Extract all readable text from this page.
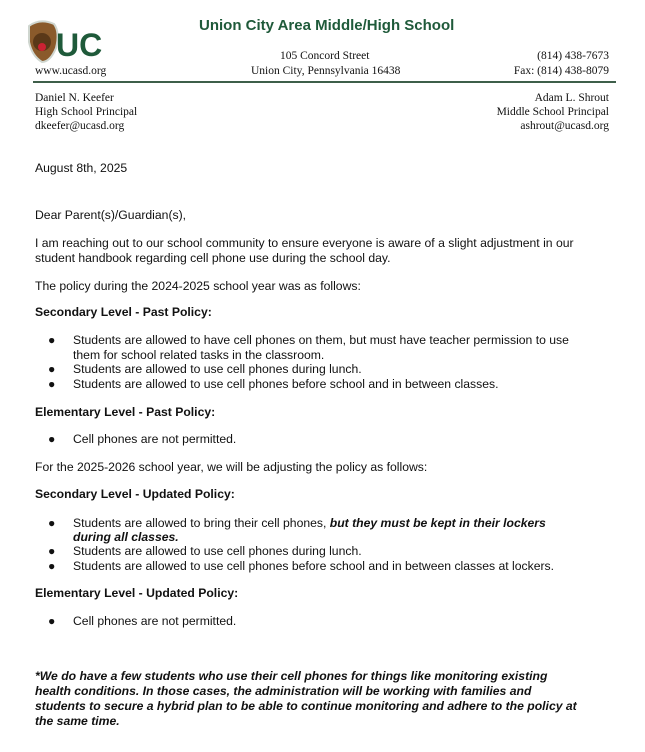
UC
Union City Area Middle/High School
www.ucasd.org
105 Concord Street
Union City, Pennsylvania 16438
(814) 438-7673
Fax: (814) 438-8079
Daniel N. Keefer
High School Principal
dkeefer@ucasd.org
Adam L. Shrout
Middle School Principal
ashrout@ucasd.org
August 8th, 2025
Dear Parent(s)/Guardian(s),
I am reaching out to our school community to ensure everyone is aware of a slight adjustment in our
student handbook regarding cell phone use during the school day.
The policy during the 2024-2025 school year was as follows:
Secondary Level - Past Policy:
● Students are allowed to have cell phones on them, but must have teacher permission to use
them for school related tasks in the classroom.
● Students are allowed to use cell phones during lunch.
● Students are allowed to use cell phones before school and in between classes.
Elementary Level - Past Policy:
● Cell phones are not permitted.
For the 2025-2026 school year, we will be adjusting the policy as follows:
Secondary Level - Updated Policy:
● Students are allowed to bring their cell phones, but they must be kept in their lockers
during all classes.
● Students are allowed to use cell phones during lunch.
● Students are allowed to use cell phones before school and in between classes at lockers.
Elementary Level - Updated Policy:
● Cell phones are not permitted.
*We do have a few students who use their cell phones for things like monitoring existing
health conditions. In those cases, the administration will be working with families and
students to secure a hybrid plan to be able to continue monitoring and adhere to the policy at
the same time.
